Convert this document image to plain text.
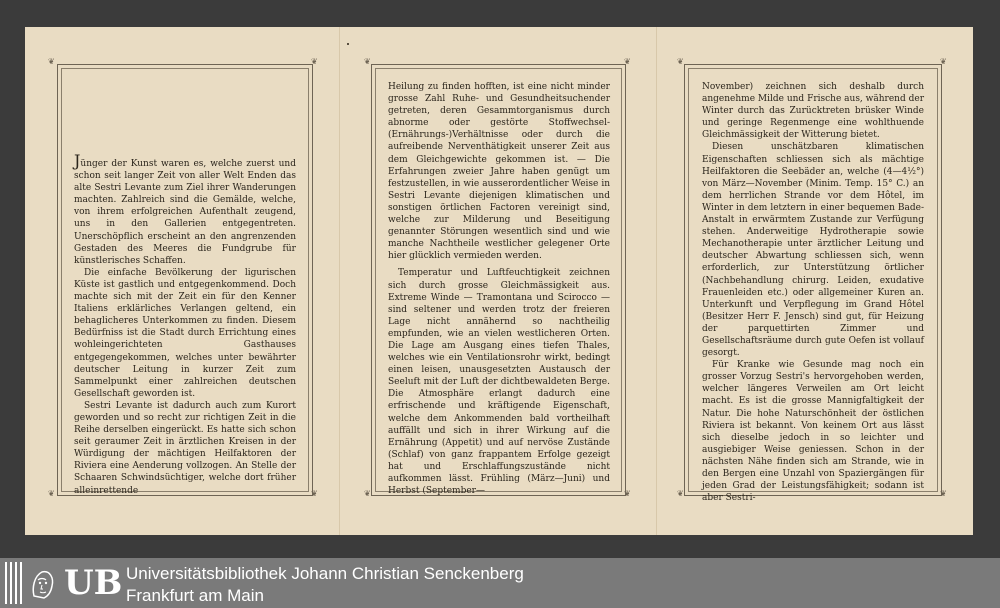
❦	❦
❦	❦
❦	❦
❦	❦
❦	❦
❦	❦

Jünger der Kunst waren es, welche zuerst und schon seit langer Zeit von aller Welt Enden das alte Sestri Levante zum Ziel ihrer Wanderungen machten. Zahlreich sind die Gemälde, welche, von ihrem erfolgreichen Aufenthalt zeugend, uns in den Gallerien entgegentreten. Unerschöpflich erscheint an den angrenzenden Gestaden des Meeres die Fundgrube für künstlerisches Schaffen.

Die einfache Bevölkerung der ligurischen Küste ist gastlich und entgegenkommend. Doch machte sich mit der Zeit ein für den Kenner Italiens erklärliches Verlangen geltend, ein behaglicheres Unterkommen zu finden. Diesem Bedürfniss ist die Stadt durch Errichtung eines wohleingerichteten Gasthauses entgegengekommen, welches unter bewährter deutscher Leitung in kurzer Zeit zum Sammelpunkt einer zahlreichen deutschen Gesellschaft geworden ist.

Sestri Levante ist dadurch auch zum Kurort geworden und so recht zur richtigen Zeit in die Reihe derselben eingerückt. Es hatte sich schon seit geraumer Zeit in ärztlichen Kreisen in der Würdigung der mächtigen Heilfaktoren der Riviera eine Aenderung vollzogen. An Stelle der Schaaren Schwindsüchtiger, welche dort früher alleinrettende

Heilung zu finden hofften, ist eine nicht minder grosse Zahl Ruhe- und Gesundheitsuchender getreten, deren Gesammtorganismus durch abnorme oder gestörte Stoffwechsel-(Ernährungs-)Verhältnisse oder durch die aufreibende Nerventhätigkeit unserer Zeit aus dem Gleichgewichte gekommen ist. — Die Erfahrungen zweier Jahre haben genügt um festzustellen, in wie ausserordentlicher Weise in Sestri Levante diejenigen klimatischen und sonstigen örtlichen Factoren vereinigt sind, welche zur Milderung und Beseitigung genannter Störungen wesentlich sind und wie manche Nachtheile westlicher gelegener Orte hier glücklich vermieden werden.

Temperatur und Luftfeuchtigkeit zeichnen sich durch grosse Gleichmässigkeit aus. Extreme Winde — Tramontana und Scirocco — sind seltener und werden trotz der freieren Lage nicht annähernd so nachtheilig empfunden, wie an vielen westlicheren Orten. Die Lage am Ausgang eines tiefen Thales, welches wie ein Ventilationsrohr wirkt, bedingt einen leisen, unausgesetzten Austausch der Seeluft mit der Luft der dichtbewaldeten Berge. Die Atmosphäre erlangt dadurch eine erfrischende und kräftigende Eigenschaft, welche dem Ankommenden bald vortheilhaft auffällt und sich in ihrer Wirkung auf die Ernährung (Appetit) und auf nervöse Zustände (Schlaf) von ganz frappantem Erfolge gezeigt hat und Erschlaffungszustände nicht aufkommen lässt. Frühling (März—Juni) und Herbst (September—

November) zeichnen sich deshalb durch angenehme Milde und Frische aus, während der Winter durch das Zurücktreten brüsker Winde und geringe Regenmenge eine wohlthuende Gleichmässigkeit der Witterung bietet.

Diesen unschätzbaren klimatischen Eigenschaften schliessen sich als mächtige Heilfaktoren die Seebäder an, welche (4—4½°) von März—November (Minim. Temp. 15° C.) an dem herrlichen Strande vor dem Hôtel, im Winter in dem letztern in einer bequemen Bade-Anstalt in erwärmtem Zustande zur Verfügung stehen. Anderweitige Hydrotherapie sowie Mechanotherapie unter ärztlicher Leitung und deutscher Abwartung schliessen sich, wenn erforderlich, zur Unterstützung örtlicher (Nachbehandlung chirurg. Leiden, exudative Frauenleiden etc.) oder allgemeiner Kuren an. Unterkunft und Verpflegung im Grand Hôtel (Besitzer Herr F. Jensch) sind gut, für Heizung der parquettirten Zimmer und Gesellschaftsräume durch gute Oefen ist vollauf gesorgt.

Für Kranke wie Gesunde mag noch ein grosser Vorzug Sestri's hervorgehoben werden, welcher längeres Verweilen am Ort leicht macht. Es ist die grosse Mannigfaltigkeit der Natur. Die hohe Naturschönheit der östlichen Riviera ist bekannt. Von keinem Ort aus lässt sich dieselbe jedoch in so leichter und ausgiebiger Weise geniessen. Schon in der nächsten Nähe finden sich am Strande, wie in den Bergen eine Unzahl von Spaziergängen für jeden Grad der Leistungsfähigkeit; sodann ist aber Sestri-

UB Universitätsbibliothek Johann Christian Senckenberg
Frankfurt am Main
